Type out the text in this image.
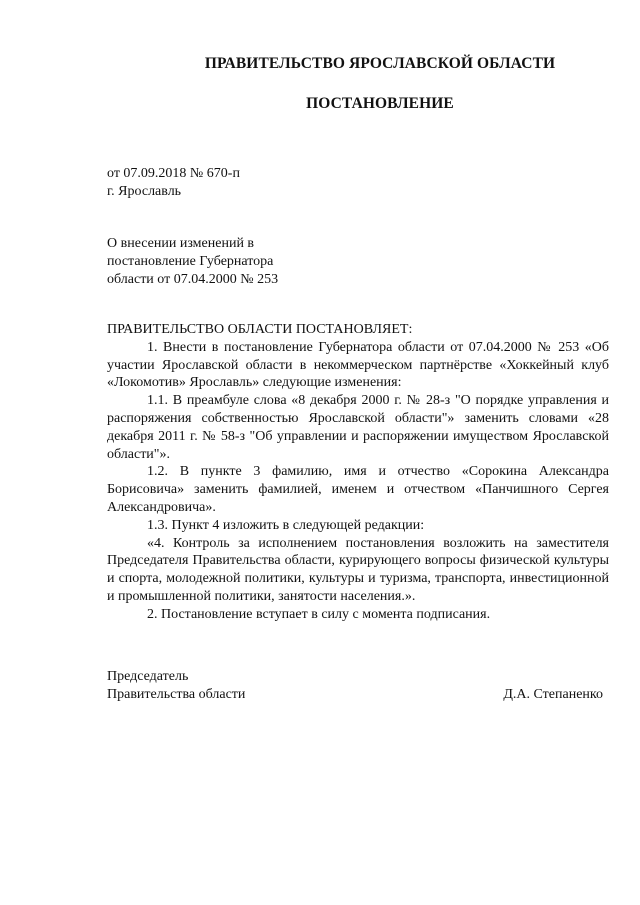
ПРАВИТЕЛЬСТВО ЯРОСЛАВСКОЙ ОБЛАСТИ
ПОСТАНОВЛЕНИЕ
от 07.09.2018 № 670-п
г. Ярославль
О внесении изменений в
постановление Губернатора
области от 07.04.2000 № 253

ПРАВИТЕЛЬСТВО ОБЛАСТИ ПОСТАНОВЛЯЕТ:

1. Внести в постановление Губернатора области от 07.04.2000 № 253 «Об участии Ярославской области в некоммерческом партнёрстве «Хоккейный клуб «Локомотив» Ярославль» следующие изменения:

1.1. В преамбуле слова «8 декабря 2000 г. № 28-з "О порядке управления и распоряжения собственностью Ярославской области"» заменить словами «28 декабря 2011 г. № 58-з "Об управлении и распоряжении имуществом Ярославской области"».

1.2. В пункте 3 фамилию, имя и отчество «Сорокина Александра Борисовича» заменить фамилией, именем и отчеством «Панчишного Сергея Александровича».

1.3. Пункт 4 изложить в следующей редакции:

«4. Контроль за исполнением постановления возложить на заместителя Председателя Правительства области, курирующего вопросы физической культуры и спорта, молодежной политики, культуры и туризма, транспорта, инвестиционной и промышленной политики, занятости населения.».

2. Постановление вступает в силу с момента подписания.

Председатель
Правительства области	Д.А. Степаненко
